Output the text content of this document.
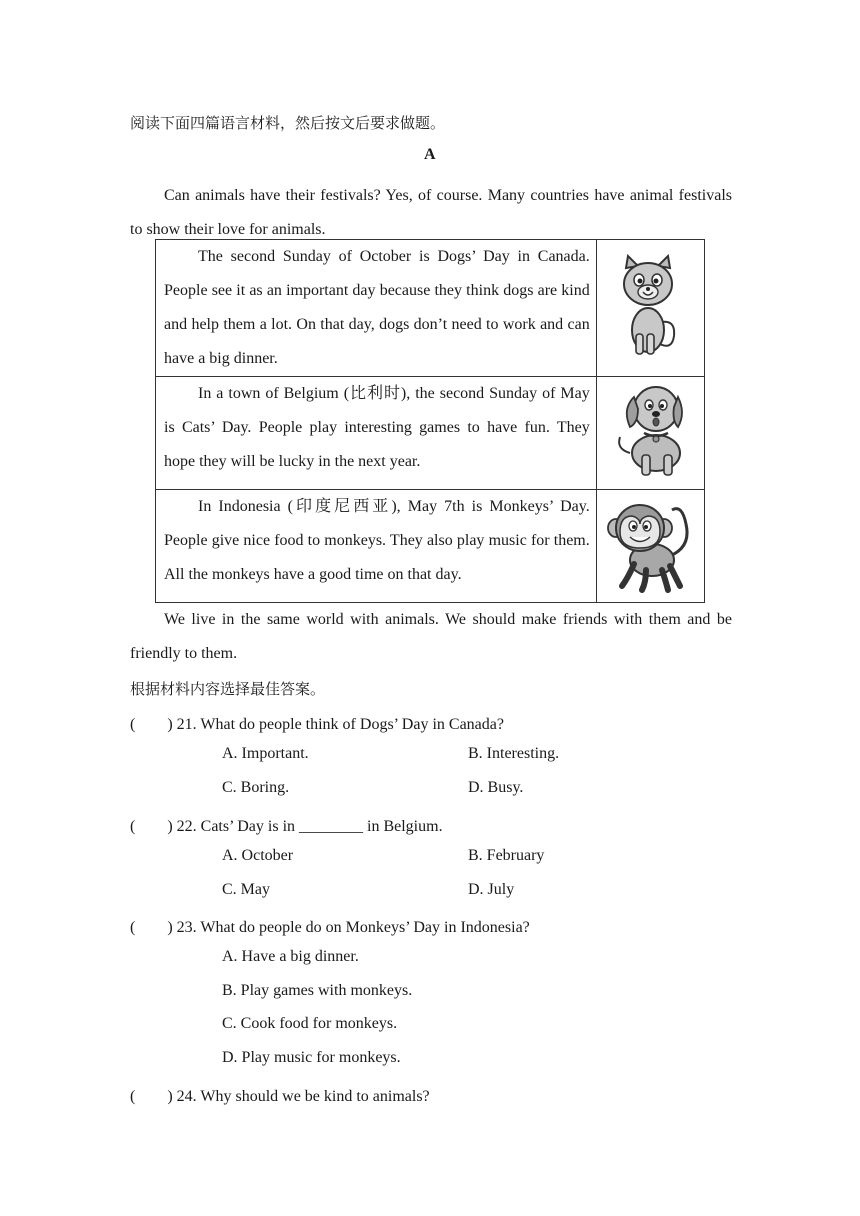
阅读下面四篇语言材料，然后按文后要求做题。
A
Can animals have their festivals? Yes, of course. Many countries have animal festivals to show their love for animals.
The second Sunday of October is Dogs’ Day in Canada. People see it as an important day because they think dogs are kind and help them a lot. On that day, dogs don’t need to work and can have a big dinner.

In a town of Belgium (比利时), the second Sunday of May is Cats’ Day. People play interesting games to have fun. They hope they will be lucky in the next year.

In Indonesia (印度尼西亚), May 7th is Monkeys’ Day. People give nice food to monkeys. They also play music for them. All the monkeys have a good time on that day.

We live in the same world with animals. We should make friends with them and be friendly to them.
根据材料内容选择最佳答案。
(　　) 21. What do people think of Dogs’ Day in Canada?
A. Important.	B. Interesting.
C. Boring.	D. Busy.
(　　) 22. Cats’ Day is in ________ in Belgium.
A. October	B. February
C. May	D. July
(　　) 23. What do people do on Monkeys’ Day in Indonesia?
A. Have a big dinner.
B. Play games with monkeys.
C. Cook food for monkeys.
D. Play music for monkeys.
(　　) 24. Why should we be kind to animals?
